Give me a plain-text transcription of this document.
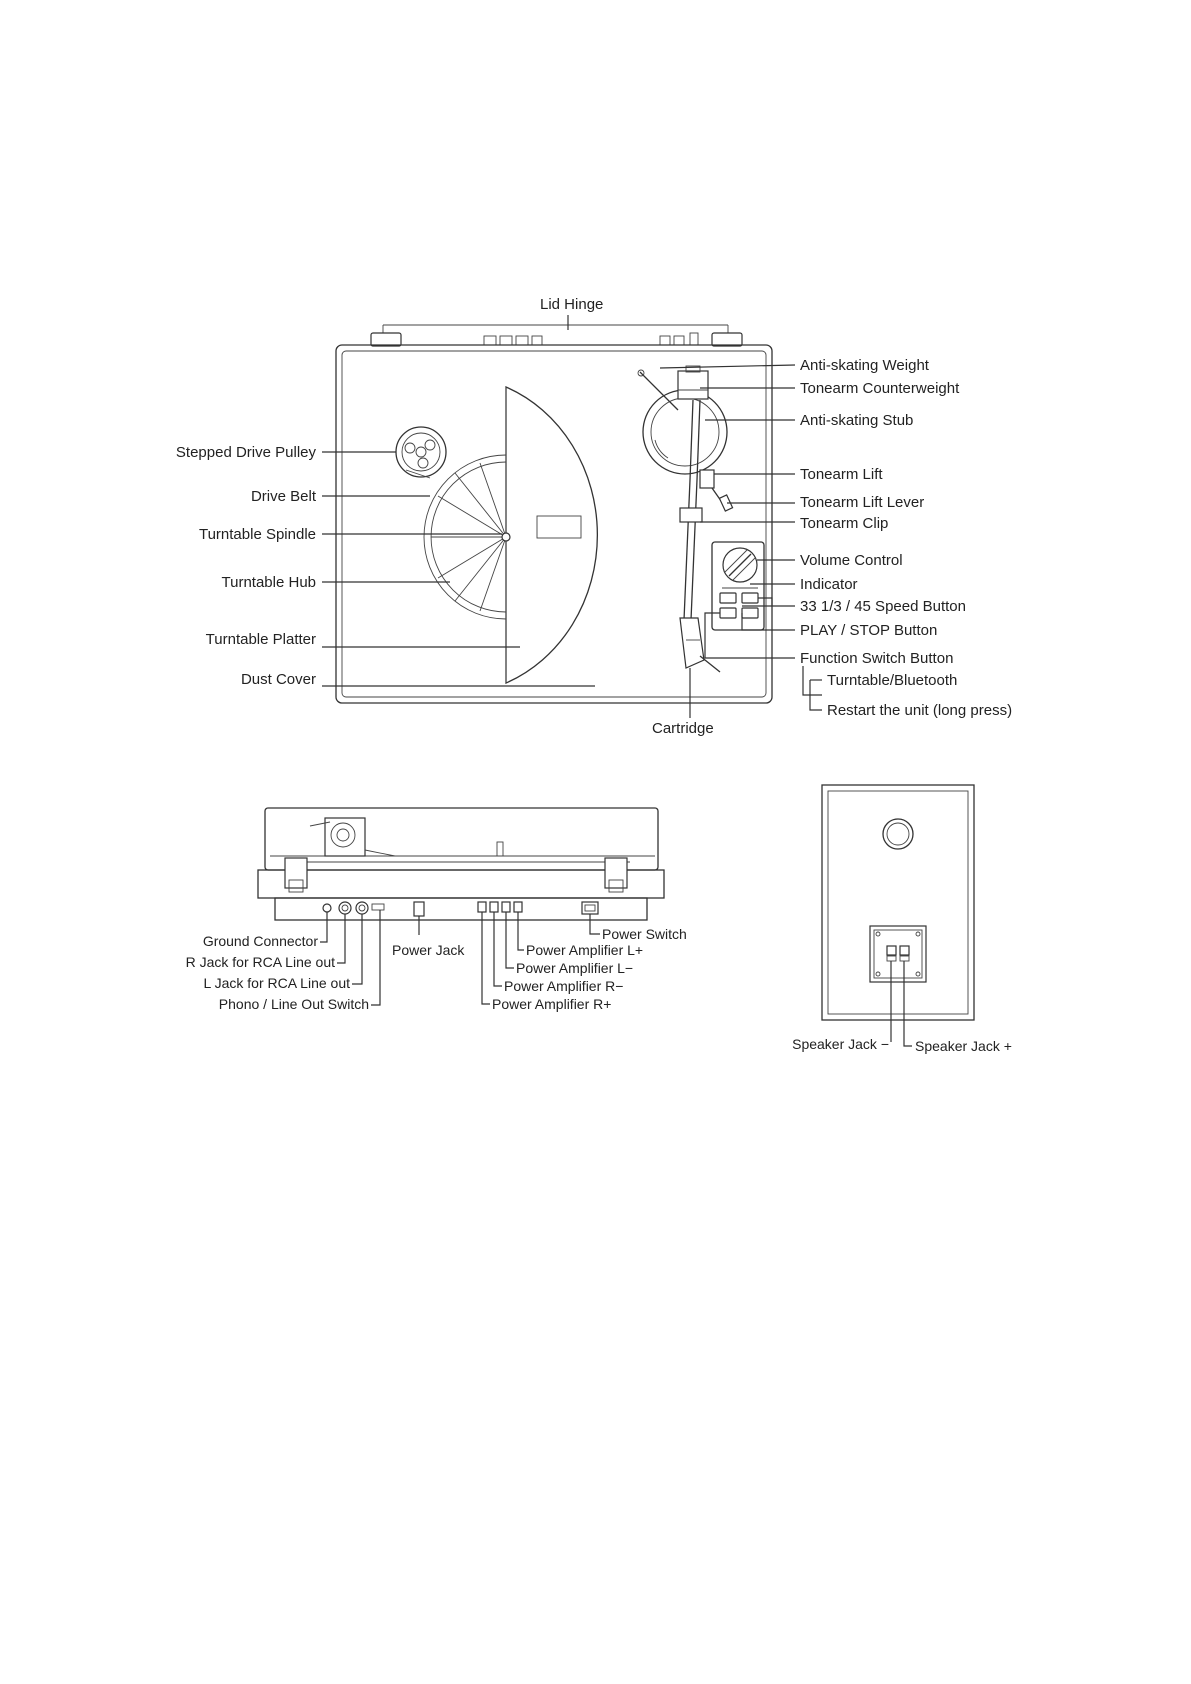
Lid Hinge
Anti-skating Weight
Tonearm Counterweight
Anti-skating Stub
Tonearm Lift
Tonearm Lift Lever
Tonearm Clip
Volume Control
Indicator
33 1/3 / 45 Speed Button
PLAY / STOP Button
Function Switch Button
Turntable/Bluetooth
Restart the unit (long press)
Cartridge
Stepped Drive Pulley
Drive Belt
Turntable Spindle
Turntable Hub
Turntable Platter
Dust Cover
Ground Connector
R Jack for RCA Line out
L Jack for RCA Line out
Phono / Line Out Switch
Power Jack
Power Switch
Power Amplifier L+
Power Amplifier L−
Power Amplifier R−
Power Amplifier R+
Speaker Jack − Speaker Jack +
